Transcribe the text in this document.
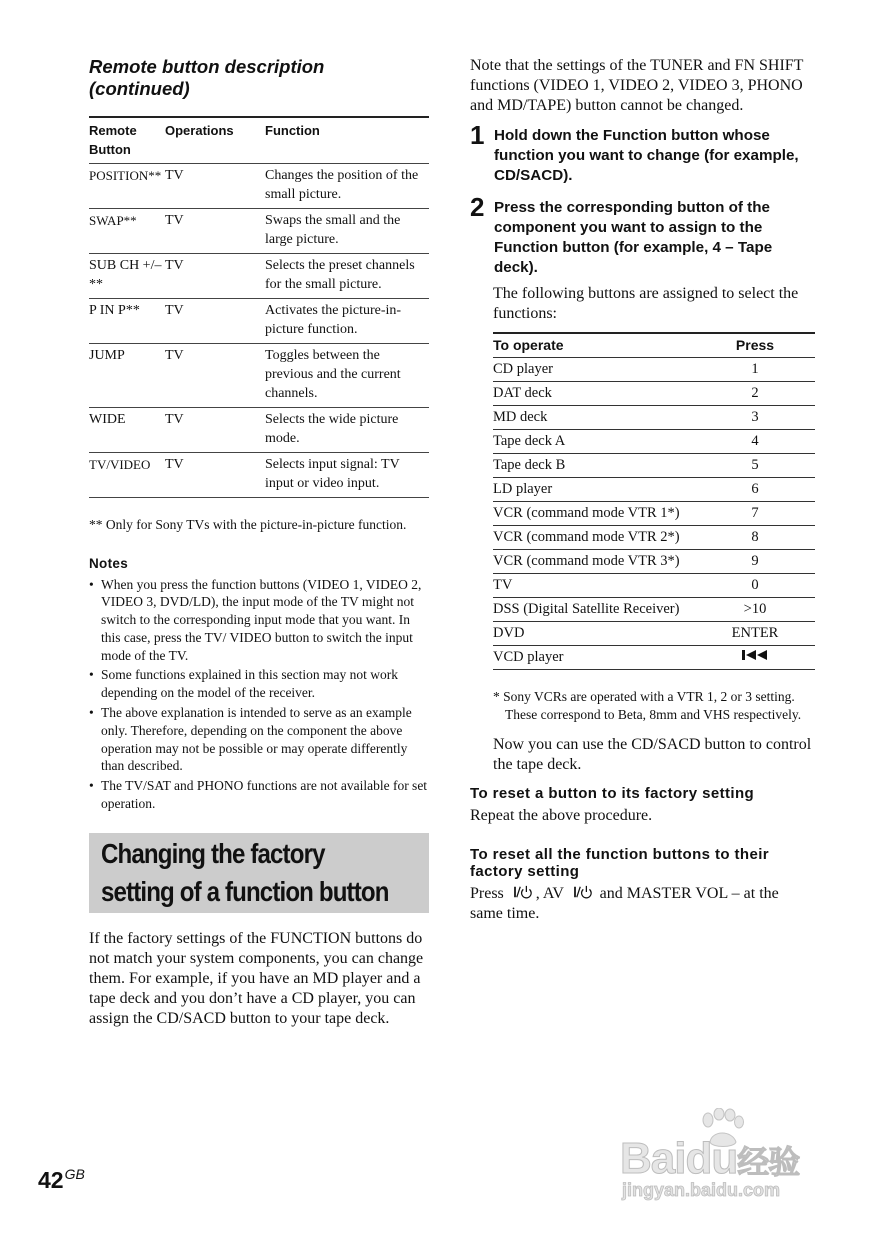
Remote button description
(continued)
Remote Button	Operations	Function
POSITION**	TV	Changes the position of the small picture.
SWAP**	TV	Swaps the small and the large picture.
SUB CH +/–**	TV	Selects the preset channels for the small picture.
P IN P**	TV	Activates the picture-in-picture function.
JUMP	TV	Toggles between the previous and the current channels.
WIDE	TV	Selects the wide picture mode.
TV/VIDEO	TV	Selects input signal: TV input or video input.

** Only for Sony TVs with the picture-in-picture function.

Notes
• When you press the function buttons (VIDEO 1, VIDEO 2, VIDEO 3, DVD/LD), the input mode of the TV might not switch to the corresponding input mode that you want. In this case, press the TV/ VIDEO button to switch the input mode of the TV.
• Some functions explained in this section may not work depending on the model of the receiver.
• The above explanation is intended to serve as an example only. Therefore, depending on the component the above operation may not be possible or may operate differently than described.
• The TV/SAT and PHONO functions are not available for set operation.
Changing the factory
setting of a function button

If the factory settings of the FUNCTION buttons do not match your system components, you can change them. For example, if you have an MD player and a tape deck and you don’t have a CD player, you can assign the CD/SACD button to your tape deck.

Note that the settings of the TUNER and FN SHIFT functions (VIDEO 1, VIDEO 2, VIDEO 3, PHONO and MD/TAPE) button cannot be changed.

1 Hold down the Function button whose function you want to change (for example, CD/SACD).
2 Press the corresponding button of the component you want to assign to the Function button (for example, 4 – Tape deck).

The following buttons are assigned to select the functions:

To operate	Press
CD player	1
DAT deck	2
MD deck	3
Tape deck A	4
Tape deck B	5
LD player	6
VCR (command mode VTR 1*)	7
VCR (command mode VTR 2*)	8
VCR (command mode VTR 3*)	9
TV	0
DSS (Digital Satellite Receiver)	>10
DVD	ENTER
VCD player	

* Sony VCRs are operated with a VTR 1, 2 or 3 setting. These correspond to Beta, 8mm and VHS respectively.

Now you can use the CD/SACD button to control the tape deck.

To reset a button to its factory setting

Repeat the above procedure.

To reset all the function buttons to their factory setting

Press , AV and MASTER VOL – at the same time.

$42^{GB}$	Baidu经验
jingyan.baidu.com
